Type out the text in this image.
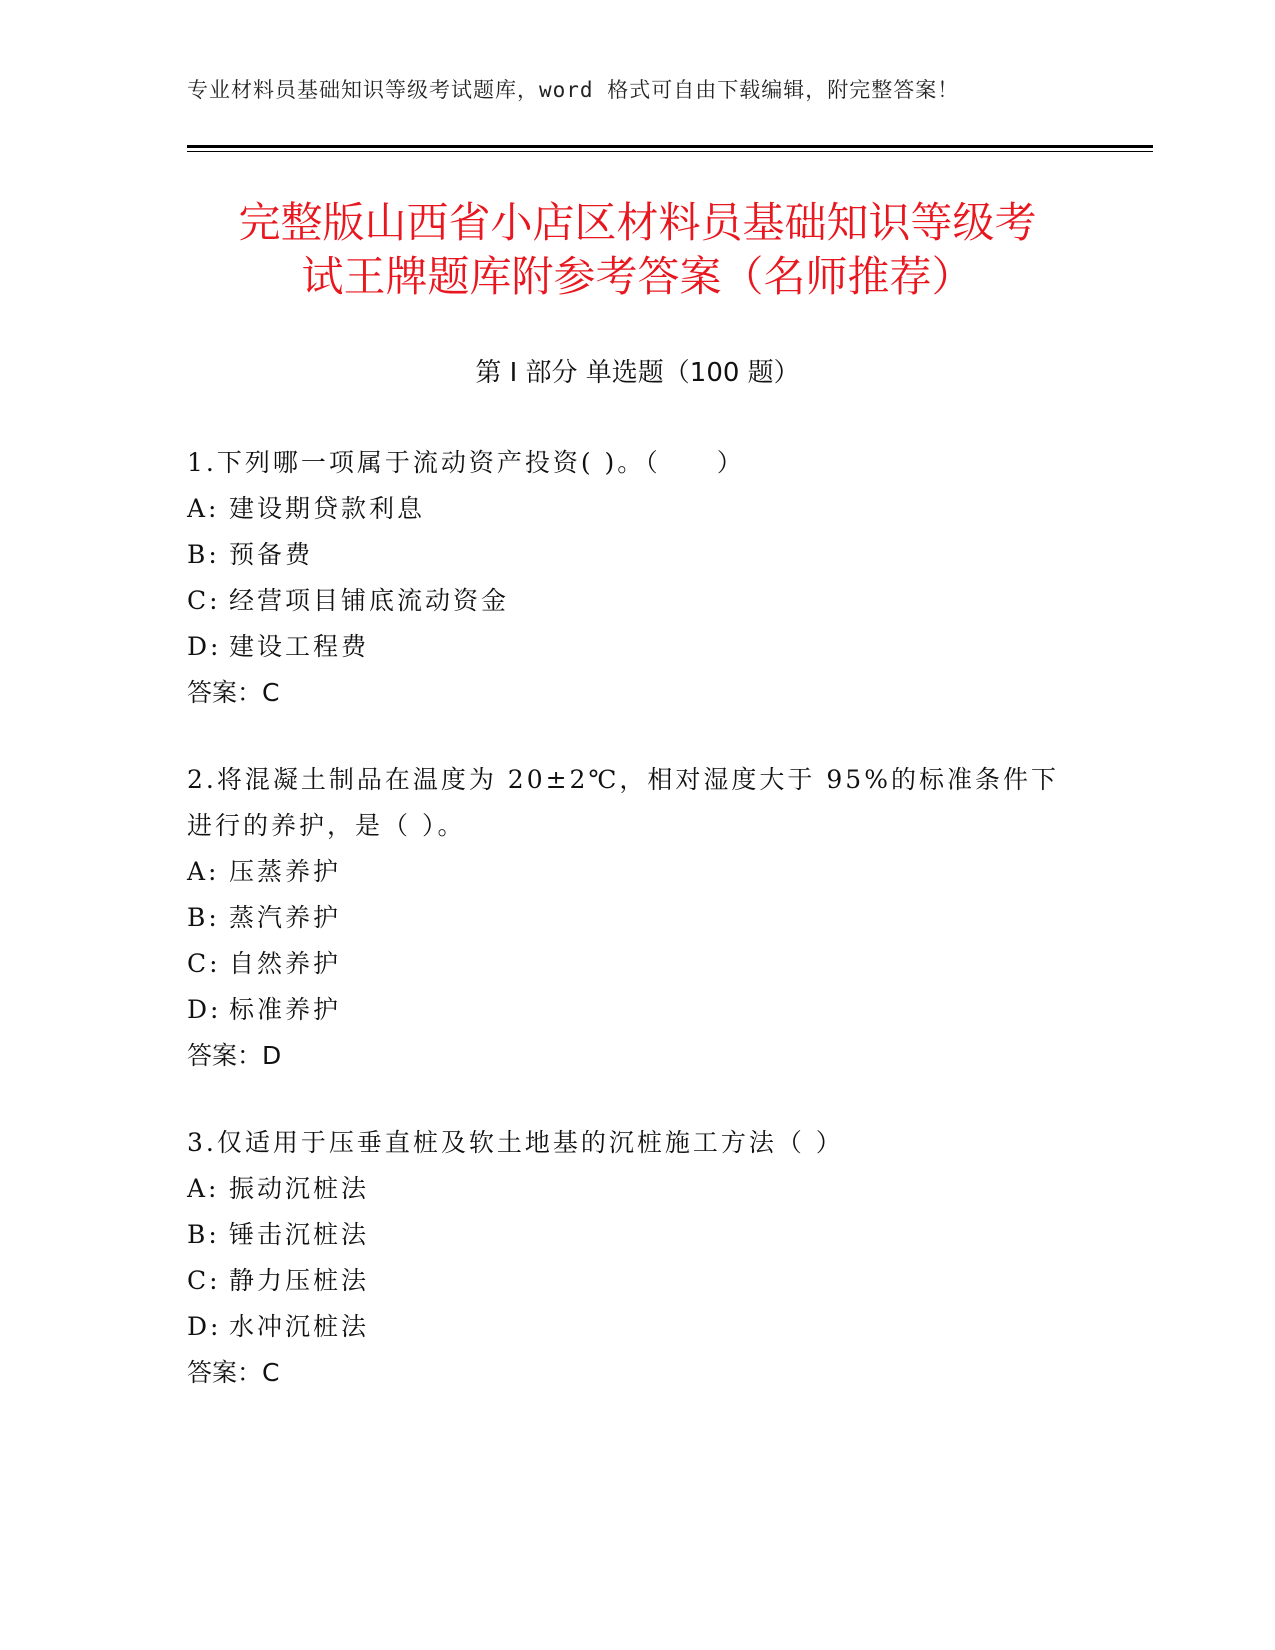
专业材料员基础知识等级考试题库，word 格式可自由下载编辑，附完整答案！
完整版山西省小店区材料员基础知识等级考
试王牌题库附参考答案（名师推荐）
第 I 部分 单选题（100 题）
1.下列哪一项属于流动资产投资( )。（　　）
A: 建设期贷款利息
B: 预备费
C: 经营项目铺底流动资金
D: 建设工程费
答案：C
2.将混凝土制品在温度为 20±2℃，相对湿度大于 95%的标准条件下进行的养护，是（ ）。
A: 压蒸养护
B: 蒸汽养护
C: 自然养护
D: 标准养护
答案：D
3.仅适用于压垂直桩及软土地基的沉桩施工方法（ ）
A: 振动沉桩法
B: 锤击沉桩法
C: 静力压桩法
D: 水冲沉桩法
答案：C
